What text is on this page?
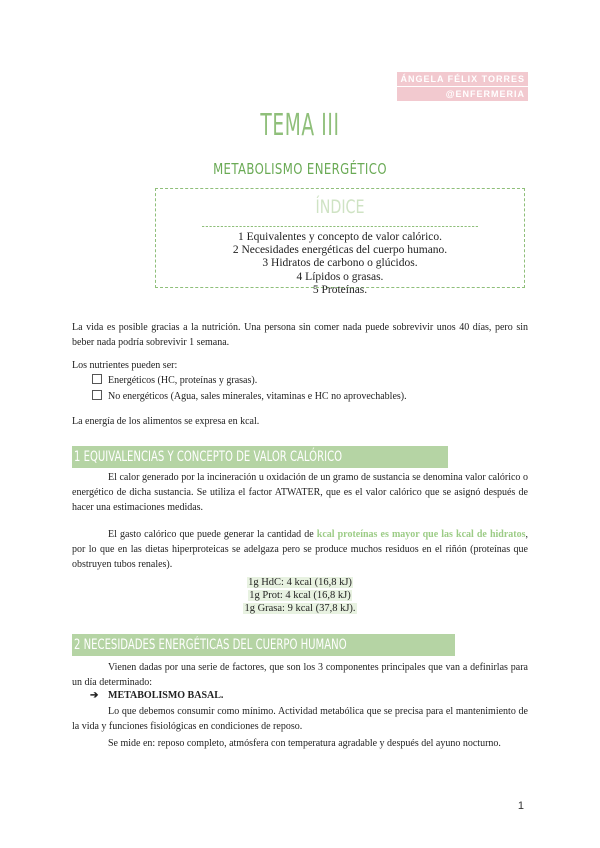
ÁNGELA FÉLIX TORRES
@ENFERMERIA
TEMA III
METABOLISMO ENERGÉTICO
ÍNDICE
1 Equivalentes y concepto de valor calórico.
2 Necesidades energéticas del cuerpo humano.
3 Hidratos de carbono o glúcidos.
4 Lípidos o grasas.
5 Proteínas.

La vida es posible gracias a la nutrición. Una persona sin comer nada puede sobrevivir unos 40 días, pero sin beber nada podría sobrevivir 1 semana.

Los nutrientes pueden ser:

Energéticos (HC, proteínas y grasas).
No energéticos (Agua, sales minerales, vitaminas e HC no aprovechables).

La energía de los alimentos se expresa en kcal.

1 EQUIVALENCIAS Y CONCEPTO DE VALOR CALÓRICO

El calor generado por la incineración u oxidación de un gramo de sustancia se denomina valor calórico o energético de dicha sustancia. Se utiliza el factor ATWATER, que es el valor calórico que se asignó después de hacer una estimaciones medidas.

El gasto calórico que puede generar la cantidad de kcal proteínas es mayor que las kcal de hidratos, por lo que en las dietas hiperproteicas se adelgaza pero se produce muchos residuos en el riñón (proteínas que obstruyen tubos renales).

1g HdC: 4 kcal (16,8 kJ)
1g Prot: 4 kcal (16,8 kJ)
1g Grasa: 9 kcal (37,8 kJ).
2 NECESIDADES ENERGÉTICAS DEL CUERPO HUMANO

Vienen dadas por una serie de factores, que son los 3 componentes principales que van a definirlas para un día determinado:

➔ METABOLISMO BASAL.

Lo que debemos consumir como mínimo. Actividad metabólica que se precisa para el mantenimiento de la vida y funciones fisiológicas en condiciones de reposo.

Se mide en: reposo completo, atmósfera con temperatura agradable y después del ayuno nocturno.

1
